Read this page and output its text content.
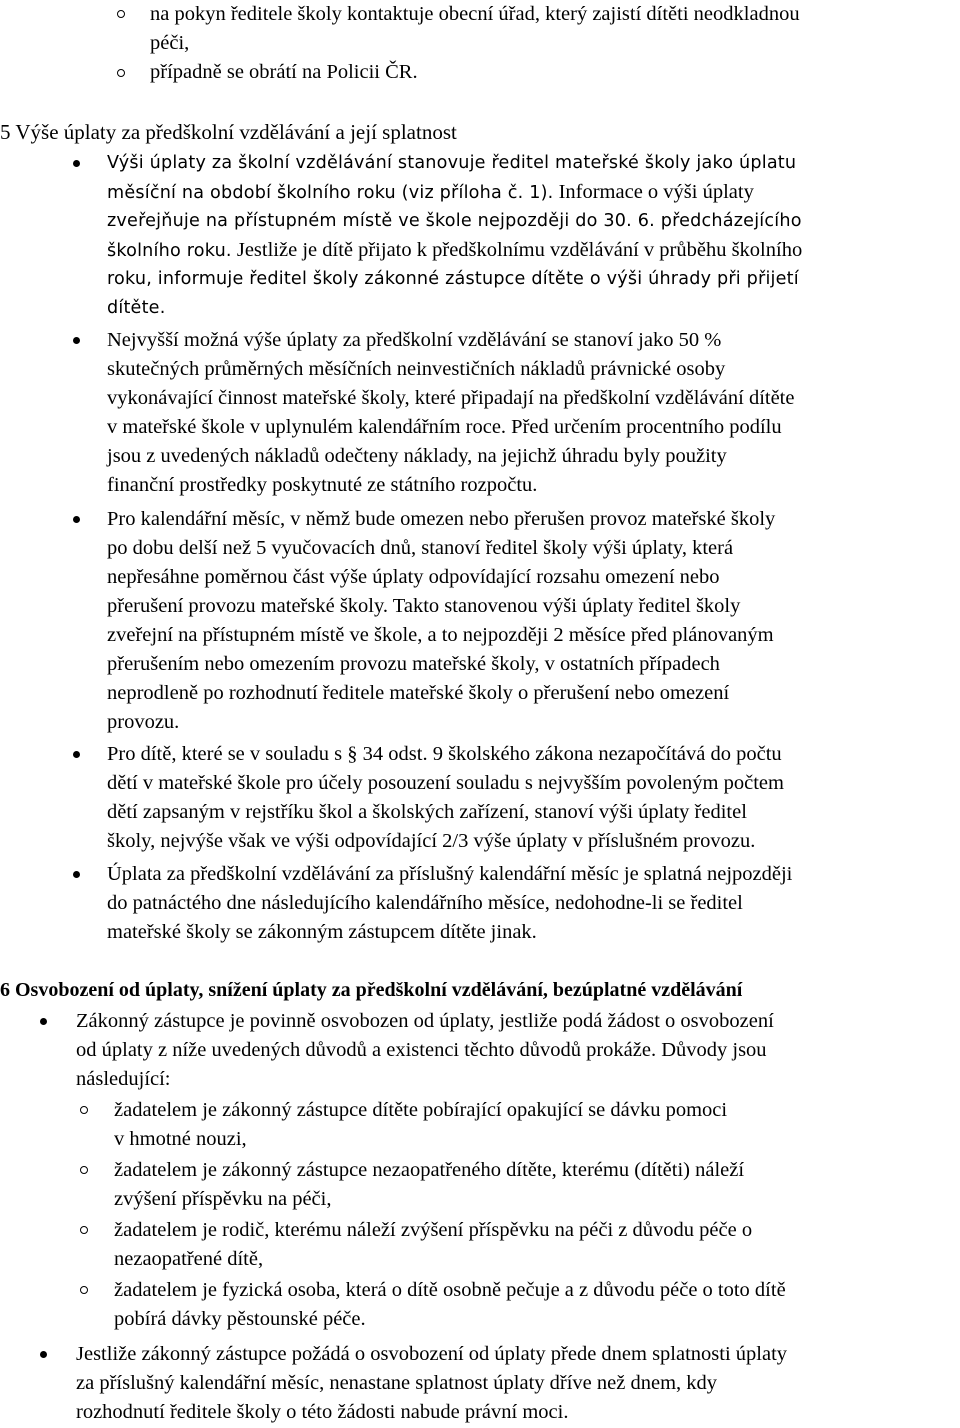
na pokyn ředitele školy kontaktuje obecní úřad, který zajistí dítěti neodkladnou
péči,
případně se obrátí na Policii ČR.
5 Výše úplaty za předškolní vzdělávání a její splatnost
Výši úplaty za školní vzdělávání stanovuje ředitel mateřské školy jako úplatu
měsíční na období školního roku (viz příloha č. 1). Informace o výši úplaty
zveřejňuje na přístupném místě ve škole nejpozději do 30. 6. předcházejícího
školního roku. Jestliže je dítě přijato k předškolnímu vzdělávání v průběhu školního
roku, informuje ředitel školy zákonné zástupce dítěte o výši úhrady při přijetí
dítěte.
Nejvyšší možná výše úplaty za předškolní vzdělávání se stanoví jako 50 %
skutečných průměrných měsíčních neinvestičních nákladů právnické osoby
vykonávající činnost mateřské školy, které připadají na předškolní vzdělávání dítěte
v mateřské škole v uplynulém kalendářním roce. Před určením procentního podílu
jsou z uvedených nákladů odečteny náklady, na jejichž úhradu byly použity
finanční prostředky poskytnuté ze státního rozpočtu.
Pro kalendářní měsíc, v němž bude omezen nebo přerušen provoz mateřské školy
po dobu delší než 5 vyučovacích dnů, stanoví ředitel školy výši úplaty, která
nepřesáhne poměrnou část výše úplaty odpovídající rozsahu omezení nebo
přerušení provozu mateřské školy. Takto stanovenou výši úplaty ředitel školy
zveřejní na přístupném místě ve škole, a to nejpozději 2 měsíce před plánovaným
přerušením nebo omezením provozu mateřské školy, v ostatních případech
neprodleně po rozhodnutí ředitele mateřské školy o přerušení nebo omezení
provozu.
Pro dítě, které se v souladu s § 34 odst. 9 školského zákona nezapočítává do počtu
dětí v mateřské škole pro účely posouzení souladu s nejvyšším povoleným počtem
dětí zapsaným v rejstříku škol a školských zařízení, stanoví výši úplaty ředitel
školy, nejvýše však ve výši odpovídající 2/3 výše úplaty v příslušném provozu.
Úplata za předškolní vzdělávání za příslušný kalendářní měsíc je splatná nejpozději
do patnáctého dne následujícího kalendářního měsíce, nedohodne-li se ředitel
mateřské školy se zákonným zástupcem dítěte jinak.
6 Osvobození od úplaty, snížení úplaty za předškolní vzdělávání, bezúplatné vzdělávání
Zákonný zástupce je povinně osvobozen od úplaty, jestliže podá žádost o osvobození
od úplaty z níže uvedených důvodů a existenci těchto důvodů prokáže. Důvody jsou
následující:
žadatelem je zákonný zástupce dítěte pobírající opakující se dávku pomoci
v hmotné nouzi,
žadatelem je zákonný zástupce nezaopatřeného dítěte, kterému (dítěti) náleží
zvýšení příspěvku na péči,
žadatelem je rodič, kterému náleží zvýšení příspěvku na péči z důvodu péče o
nezaopatřené dítě,
žadatelem je fyzická osoba, která o dítě osobně pečuje a z důvodu péče o toto dítě
pobírá dávky pěstounské péče.
Jestliže zákonný zástupce požádá o osvobození od úplaty přede dnem splatnosti úplaty
za příslušný kalendářní měsíc, nenastane splatnost úplaty dříve než dnem, kdy
rozhodnutí ředitele školy o této žádosti nabude právní moci.
